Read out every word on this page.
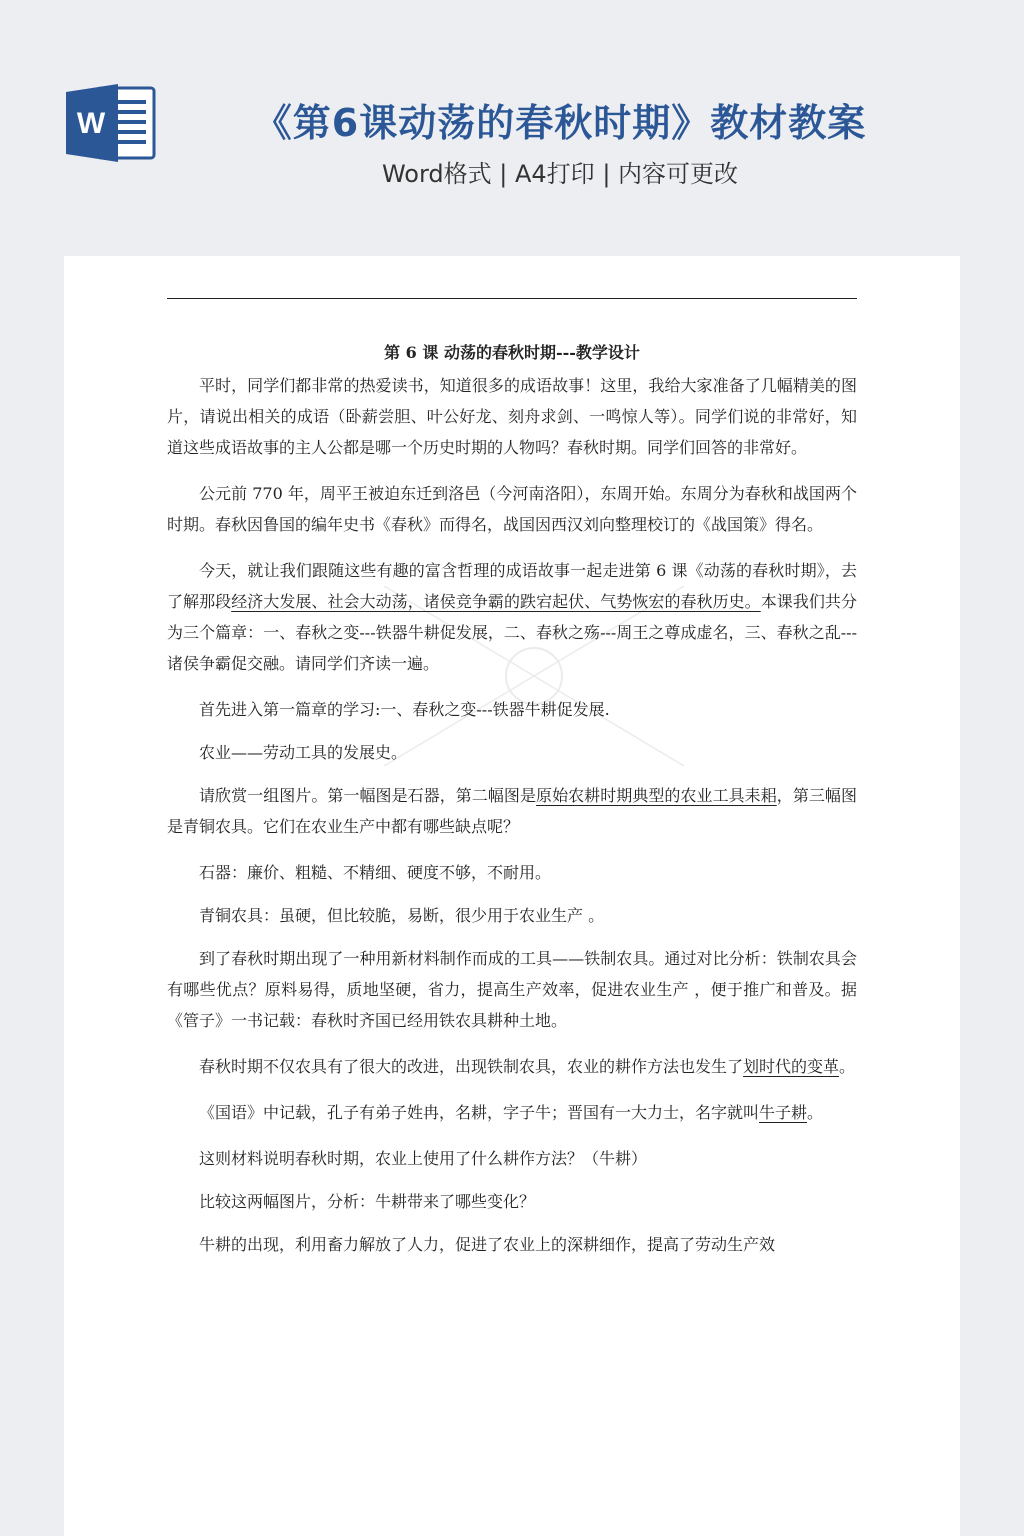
W	《第6课动荡的春秋时期》教材教案
Word格式 | A4打印 | 内容可更改
第 6 课 动荡的春秋时期---教学设计

平时，同学们都非常的热爱读书，知道很多的成语故事！这里，我给大家准备了几幅精美的图片，请说出相关的成语（卧薪尝胆、叶公好龙、刻舟求剑、一鸣惊人等）。同学们说的非常好，知道这些成语故事的主人公都是哪一个历史时期的人物吗？春秋时期。同学们回答的非常好。

公元前 770 年，周平王被迫东迁到洛邑（今河南洛阳），东周开始。东周分为春秋和战国两个时期。春秋因鲁国的编年史书《春秋》而得名，战国因西汉刘向整理校订的《战国策》得名。

今天，就让我们跟随这些有趣的富含哲理的成语故事一起走进第 6 课《动荡的春秋时期》，去了解那段经济大发展、社会大动荡，诸侯竞争霸的跌宕起伏、气势恢宏的春秋历史。本课我们共分为三个篇章：一、春秋之变---铁器牛耕促发展，二、春秋之殇---周王之尊成虚名，三、春秋之乱---诸侯争霸促交融。请同学们齐读一遍。

首先进入第一篇章的学习:一、春秋之变---铁器牛耕促发展.

农业——劳动工具的发展史。

请欣赏一组图片。第一幅图是石器，第二幅图是原始农耕时期典型的农业工具耒耜，第三幅图是青铜农具。它们在农业生产中都有哪些缺点呢？

石器：廉价、粗糙、不精细、硬度不够，不耐用。

青铜农具：虽硬，但比较脆，易断，很少用于农业生产 。

到了春秋时期出现了一种用新材料制作而成的工具——铁制农具。通过对比分析：铁制农具会有哪些优点？原料易得，质地坚硬，省力，提高生产效率，促进农业生产 ，便于推广和普及。据《管子》一书记载：春秋时齐国已经用铁农具耕种土地。

春秋时期不仅农具有了很大的改进，出现铁制农具，农业的耕作方法也发生了划时代的变革。

《国语》中记载，孔子有弟子姓冉，名耕，字子牛；晋国有一大力士，名字就叫牛子耕。

这则材料说明春秋时期，农业上使用了什么耕作方法？（牛耕）

比较这两幅图片，分析：牛耕带来了哪些变化？

牛耕的出现，利用畜力解放了人力，促进了农业上的深耕细作，提高了劳动生产效
